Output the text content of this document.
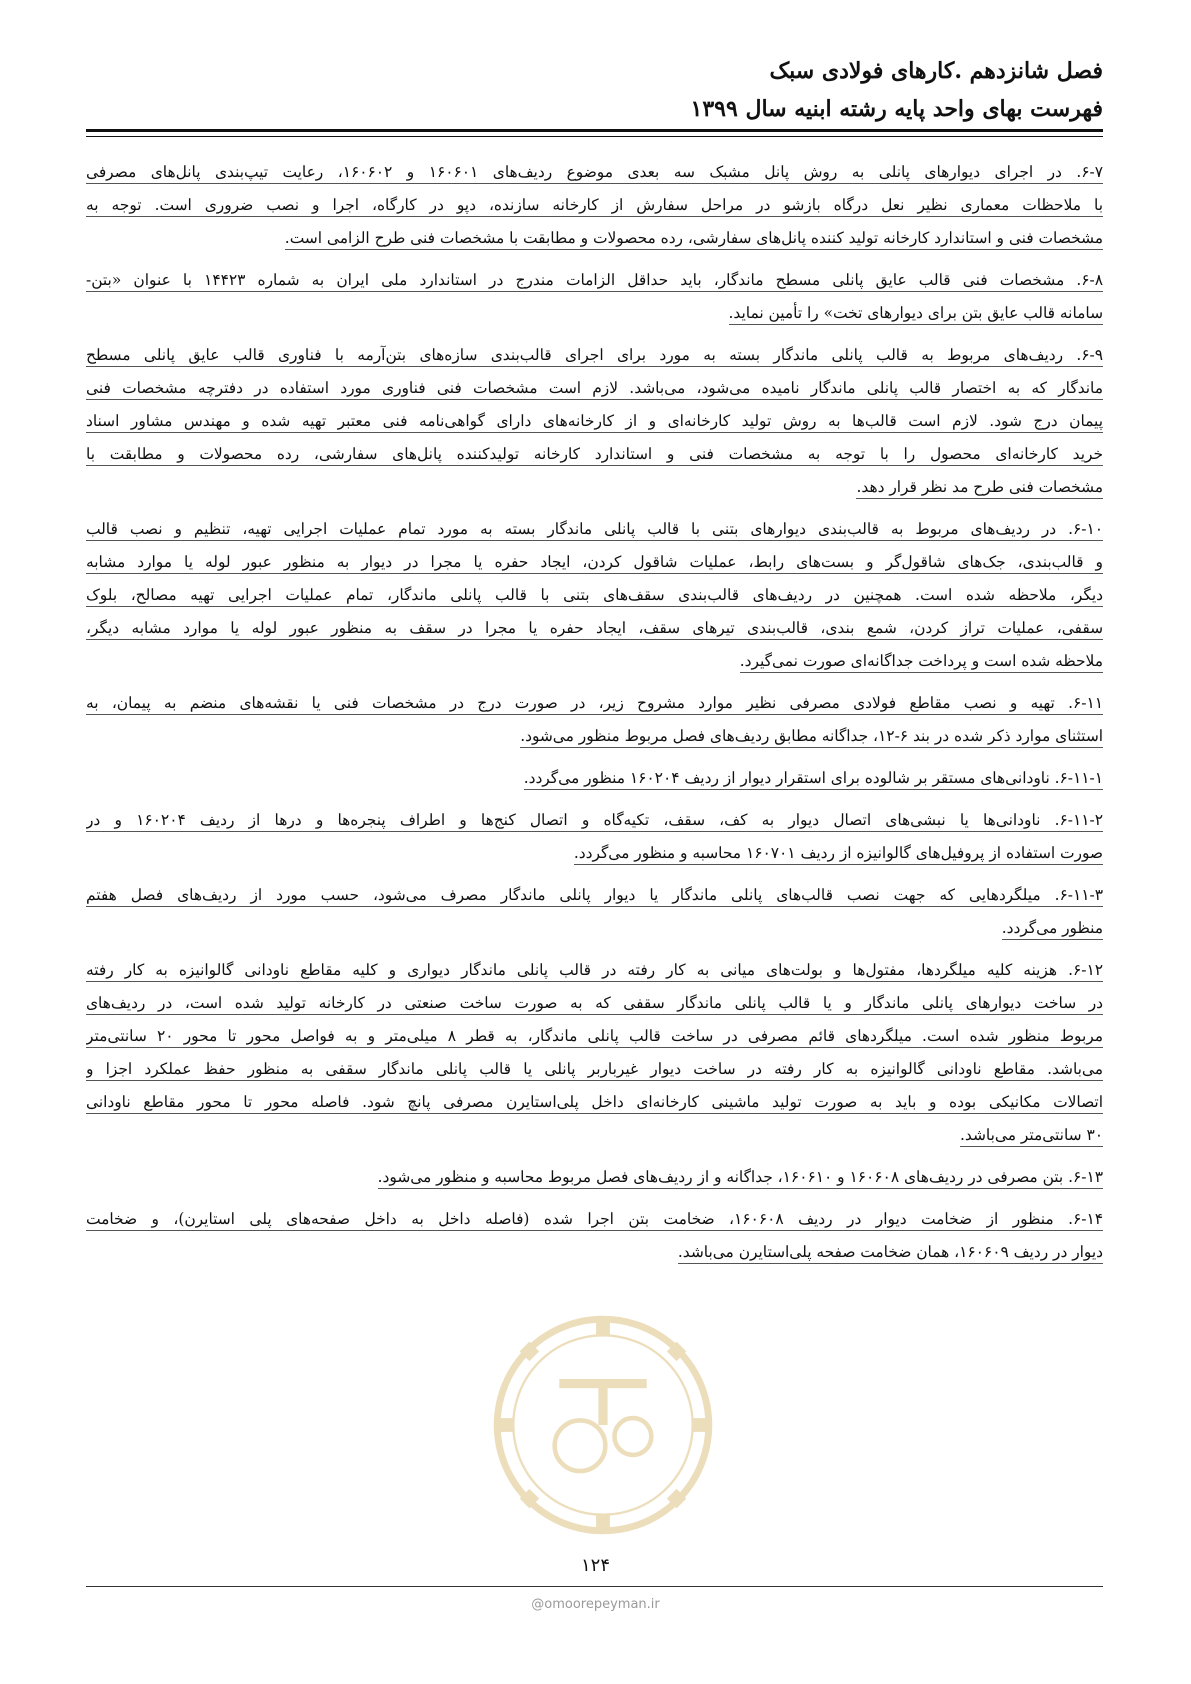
فصل شانزدهم .کارهای فولادی سبک
فهرست بهای واحد پایه رشته ابنیه سال ۱۳۹۹
۶-۷. در اجرای دیوارهای پانلی به روش پانل مشبک سه بعدی موضوع ردیف‌های ۱۶۰۶۰۱ و ۱۶۰۶۰۲، رعایت تیپ‌بندی پانل‌های مصرفی
با ملاحظات معماری نظیر نعل درگاه بازشو در مراحل سفارش از کارخانه سازنده، دپو در کارگاه، اجرا و نصب ضروری است. توجه به
مشخصات فنی و استاندارد کارخانه تولید کننده پانل‌های سفارشی، رده محصولات و مطابقت با مشخصات فنی طرح الزامی است.
۶-۸. مشخصات فنی قالب عایق پانلی مسطح ماندگار، باید حداقل الزامات مندرج در استاندارد ملی ایران به شماره ۱۴۴۲۳ با عنوان «بتن-
سامانه قالب عایق بتن برای دیوارهای تخت» را تأمین نماید.
۶-۹. ردیف‌های مربوط به قالب پانلی ماندگار بسته به مورد برای اجرای قالب‌بندی سازه‌های بتن‌آرمه با فناوری قالب عایق پانلی مسطح
ماندگار که به اختصار قالب پانلی ماندگار نامیده می‌شود، می‌باشد. لازم است مشخصات فنی فناوری مورد استفاده در دفترچه مشخصات فنی
پیمان درج شود. لازم است قالب‌ها به روش تولید کارخانه‌ای و از کارخانه‌های دارای گواهی‌نامه فنی معتبر تهیه شده و مهندس مشاور اسناد
خرید کارخانه‌ای محصول را با توجه به مشخصات فنی و استاندارد کارخانه تولیدکننده پانل‌های سفارشی، رده محصولات و مطابقت با
مشخصات فنی طرح مد نظر قرار دهد.
۶-۱۰. در ردیف‌های مربوط به قالب‌بندی دیوارهای بتنی با قالب پانلی ماندگار بسته به مورد تمام عملیات اجرایی تهیه، تنظیم و نصب قالب
و قالب‌بندی، جک‌های شاقول‌گر و بست‌های رابط، عملیات شاقول کردن، ایجاد حفره یا مجرا در دیوار به منظور عبور لوله یا موارد مشابه
دیگر، ملاحظه شده است. همچنین در ردیف‌های قالب‌بندی سقف‌های بتنی با قالب پانلی ماندگار، تمام عملیات اجرایی تهیه مصالح، بلوک
سقفی، عملیات تراز کردن، شمع بندی، قالب‌بندی تیرهای سقف، ایجاد حفره یا مجرا در سقف به منظور عبور لوله یا موارد مشابه دیگر،
ملاحظه شده است و پرداخت جداگانه‌ای صورت نمی‌گیرد.
۶-۱۱. تهیه و نصب مقاطع فولادی مصرفی نظیر موارد مشروح زیر، در صورت درج در مشخصات فنی یا نقشه‌های منضم به پیمان، به
استثنای موارد ذکر شده در بند ۶-۱۲، جداگانه مطابق ردیف‌های فصل مربوط منظور می‌شود.
۶-۱۱-۱. ناودانی‌های مستقر بر شالوده برای استقرار دیوار از ردیف ۱۶۰۲۰۴ منظور می‌گردد.
۶-۱۱-۲. ناودانی‌ها یا نبشی‌های اتصال دیوار به کف، سقف، تکیه‌گاه و اتصال کنج‌ها و اطراف پنجره‌ها و درها از ردیف ۱۶۰۲۰۴ و در
صورت استفاده از پروفیل‌های گالوانیزه از ردیف ۱۶۰۷۰۱ محاسبه و منظور می‌گردد.
۶-۱۱-۳. میلگردهایی که جهت نصب قالب‌های پانلی ماندگار یا دیوار پانلی ماندگار مصرف می‌شود، حسب مورد از ردیف‌های فصل هفتم
منظور می‌گردد.
۶-۱۲. هزینه کلیه میلگردها، مفتول‌ها و بولت‌های میانی به کار رفته در قالب پانلی ماندگار دیواری و کلیه مقاطع ناودانی گالوانیزه به کار رفته
در ساخت دیوارهای پانلی ماندگار و یا قالب پانلی ماندگار سقفی که به صورت ساخت صنعتی در کارخانه تولید شده است، در ردیف‌های
مربوط منظور شده است. میلگردهای قائم مصرفی در ساخت قالب پانلی ماندگار، به قطر ۸ میلی‌متر و به فواصل محور تا محور ۲۰ سانتی‌متر
می‌باشد. مقاطع ناودانی گالوانیزه به کار رفته در ساخت دیوار غیرباربر پانلی یا قالب پانلی ماندگار سقفی به منظور حفظ عملکرد اجزا و
اتصالات مکانیکی بوده و باید به صورت تولید ماشینی کارخانه‌ای داخل پلی‌استایرن مصرفی پانچ شود. فاصله محور تا محور مقاطع ناودانی
۳۰ سانتی‌متر می‌باشد.
۶-۱۳. بتن مصرفی در ردیف‌های ۱۶۰۶۰۸ و ۱۶۰۶۱۰، جداگانه و از ردیف‌های فصل مربوط محاسبه و منظور می‌شود.
۶-۱۴. منظور از ضخامت دیوار در ردیف ۱۶۰۶۰۸، ضخامت بتن اجرا شده (فاصله داخل به داخل صفحه‌های پلی استایرن)، و ضخامت
دیوار در ردیف ۱۶۰۶۰۹، همان ضخامت صفحه پلی‌استایرن می‌باشد.
۱۲۴
@omoorepeyman.ir
